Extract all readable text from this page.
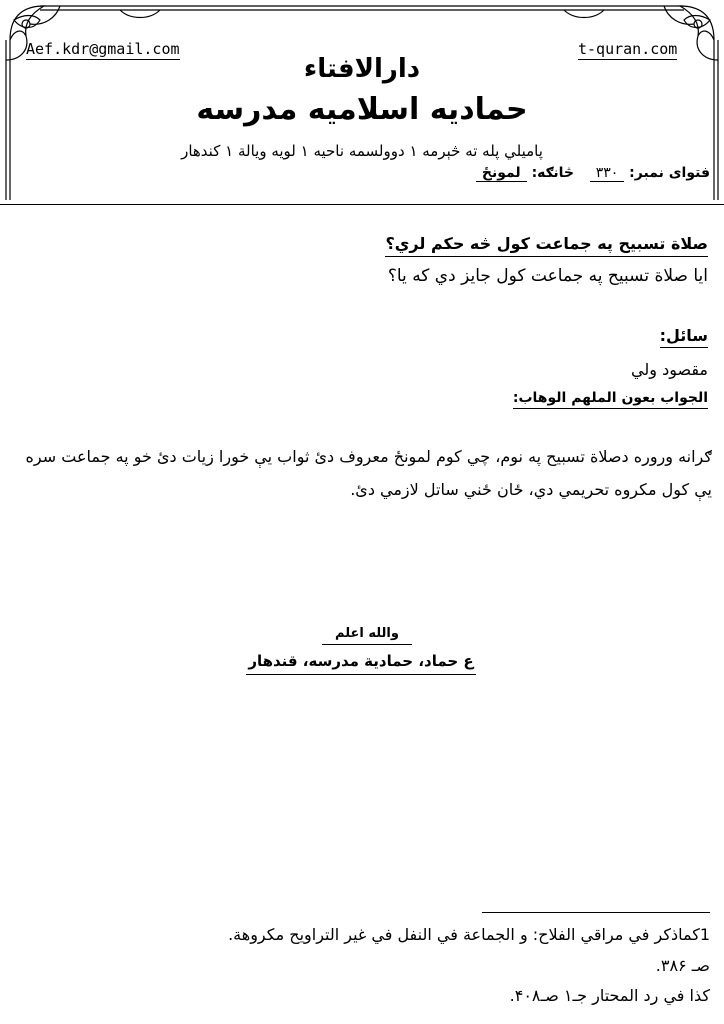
Aef.kdr@gmail.com	t-quran.com
دارالافتاء
حمادیه اسلامیه مدرسه
پاميلي پله ته څېرمه ۱ دوولسمه ناحيه ۱ لويه ويالة ۱ كندهار
فتوای نمبر: ۳۳۰
څانګه: لمونځ
صلاة تسبيح په جماعت کول څه حکم لري؟
ايا صلاة تسبيح په جماعت کول جايز دي که يا؟
سائل:
مقصود ولي
الجواب بعون الملهم الوهاب:
ګرانه وروره دصلاة تسبيح په نوم، چي کوم لمونځ معروف دئ ثواب يې خورا زيات دئ خو په جماعت سره يې کول مکروه تحريمي دي، ځان ځني ساتل لازمي دئ.
والله اعلم
ع حماد، حمادية مدرسه، قندهار
1کماذکر في مراقي الفلاح: و الجماعة في النفل في غير التراويح مکروهة.
صـ ۳۸۶.
کذا في رد المحتار جـ۱ صـ۴۰۸.
